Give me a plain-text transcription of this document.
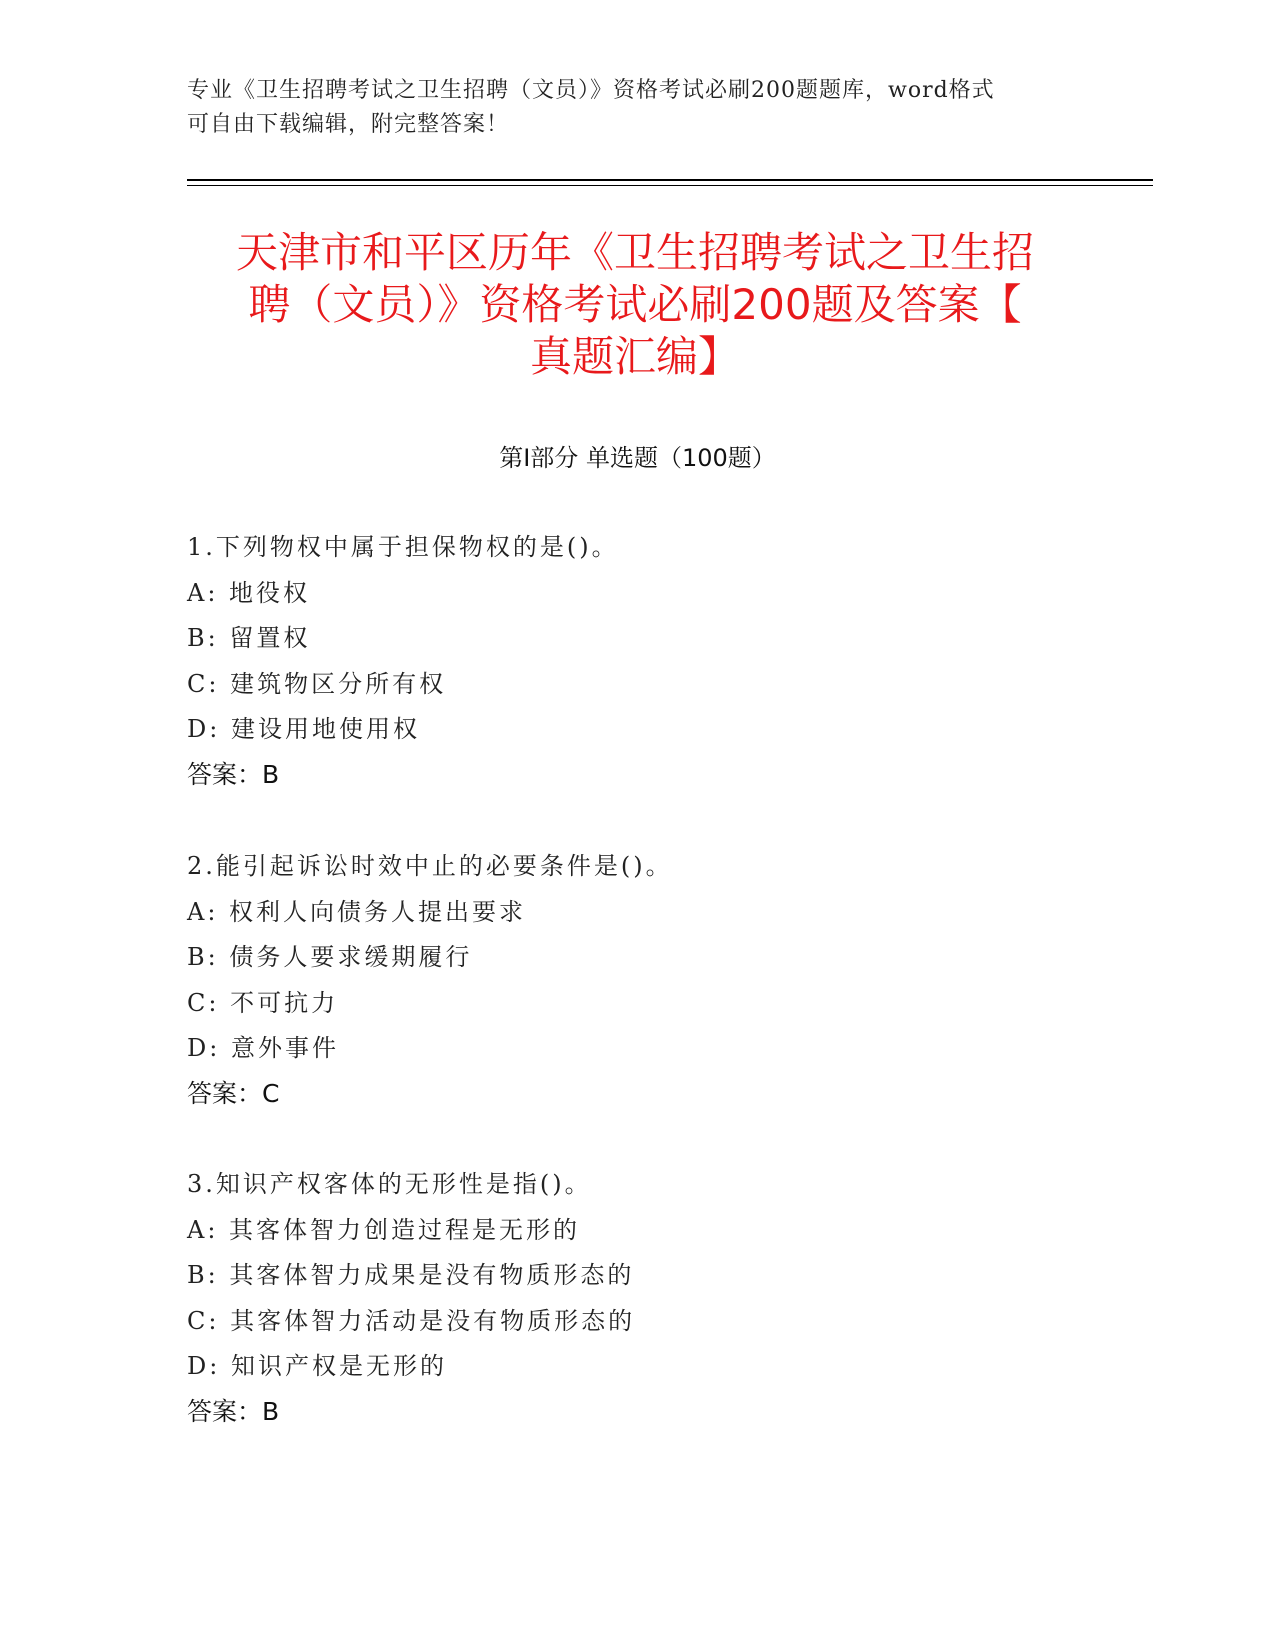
专业《卫生招聘考试之卫生招聘（文员）》资格考试必刷200题题库，word格式
可自由下载编辑，附完整答案！
天津市和平区历年《卫生招聘考试之卫生招
聘（文员）》资格考试必刷200题及答案【
真题汇编】
第I部分 单选题（100题）
1.下列物权中属于担保物权的是()。
A: 地役权
B: 留置权
C: 建筑物区分所有权
D: 建设用地使用权
答案：B
2.能引起诉讼时效中止的必要条件是()。
A: 权利人向债务人提出要求
B: 债务人要求缓期履行
C: 不可抗力
D: 意外事件
答案：C
3.知识产权客体的无形性是指()。
A: 其客体智力创造过程是无形的
B: 其客体智力成果是没有物质形态的
C: 其客体智力活动是没有物质形态的
D: 知识产权是无形的
答案：B
